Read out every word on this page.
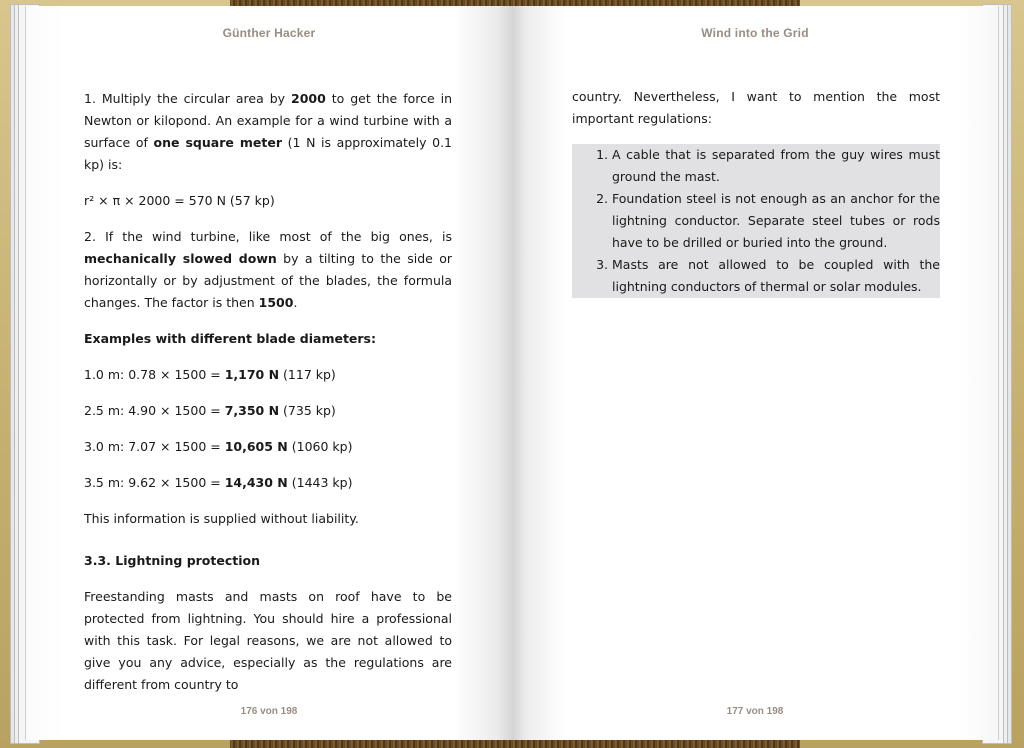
Günther Hacker

1. Multiply the circular area by 2000 to get the force in Newton or kilopond. An example for a wind turbine with a surface of one square meter (1 N is approximately 0.1 kp) is:

r² × π × 2000 = 570 N (57 kp)

2. If the wind turbine, like most of the big ones, is mechanically slowed down by a tilting to the side or horizontally or by adjustment of the blades, the formula changes. The factor is then 1500.

Examples with different blade diameters:

1.0 m: 0.78 × 1500 = 1,170 N (117 kp)

2.5 m: 4.90 × 1500 = 7,350 N (735 kp)

3.0 m: 7.07 × 1500 = 10,605 N (1060 kp)

3.5 m: 9.62 × 1500 = 14,430 N (1443 kp)

This information is supplied without liability.

3.3. Lightning protection

Freestanding masts and masts on roof have to be protected from lightning. You should hire a professional with this task. For legal reasons, we are not allowed to give you any advice, especially as the regulations are different from country to

176 von 198
Wind into the Grid

country. Nevertheless, I want to mention the most important regulations:

1. A cable that is separated from the guy wires must ground the mast.
2. Foundation steel is not enough as an anchor for the lightning conductor. Separate steel tubes or rods have to be drilled or buried into the ground.
3. Masts are not allowed to be coupled with the lightning conductors of thermal or solar modules.
177 von 198
